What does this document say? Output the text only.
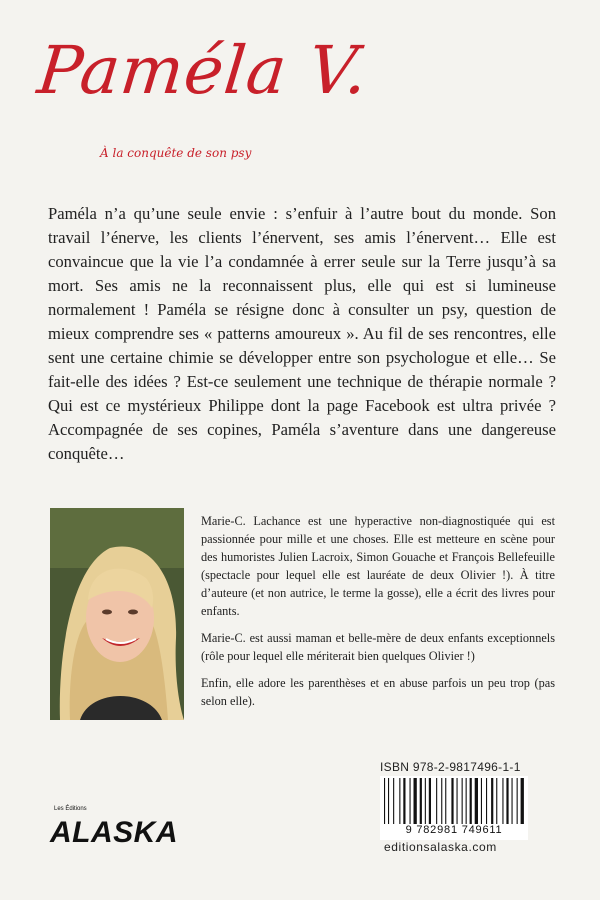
Paméla V.
À la conquête de son psy

Paméla n’a qu’une seule envie : s’enfuir à l’autre bout du monde. Son travail l’énerve, les clients l’énervent, ses amis l’énervent… Elle est convaincue que la vie l’a condamnée à errer seule sur la Terre jusqu’à sa mort. Ses amis ne la reconnaissent plus, elle qui est si lumineuse normalement ! Paméla se résigne donc à consulter un psy, question de mieux comprendre ses « patterns amoureux ». Au fil de ses rencontres, elle sent une certaine chimie se développer entre son psychologue et elle… Se fait-elle des idées ? Est-ce seulement une technique de thérapie normale ? Qui est ce mystérieux Philippe dont la page Facebook est ultra privée ? Accompagnée de ses copines, Paméla s’aventure dans une dangereuse conquête…

Marie-C. Lachance est une hyperactive non-diagnostiquée qui est passionnée pour mille et une choses. Elle est metteure en scène pour des humoristes Julien Lacroix, Simon Gouache et François Bellefeuille (spectacle pour lequel elle est lauréate de deux Olivier !). À titre d’auteure (et non autrice, le terme la gosse), elle a écrit des livres pour enfants.

Marie-C. est aussi maman et belle-mère de deux enfants exceptionnels (rôle pour lequel elle mériterait bien quelques Olivier !)

Enfin, elle adore les parenthèses et en abuse parfois un peu trop (pas selon elle).

ISBN 978-2-9817496-1-1
9 782981 749611
editionsalaska.com
Les Éditions
ALASKA
